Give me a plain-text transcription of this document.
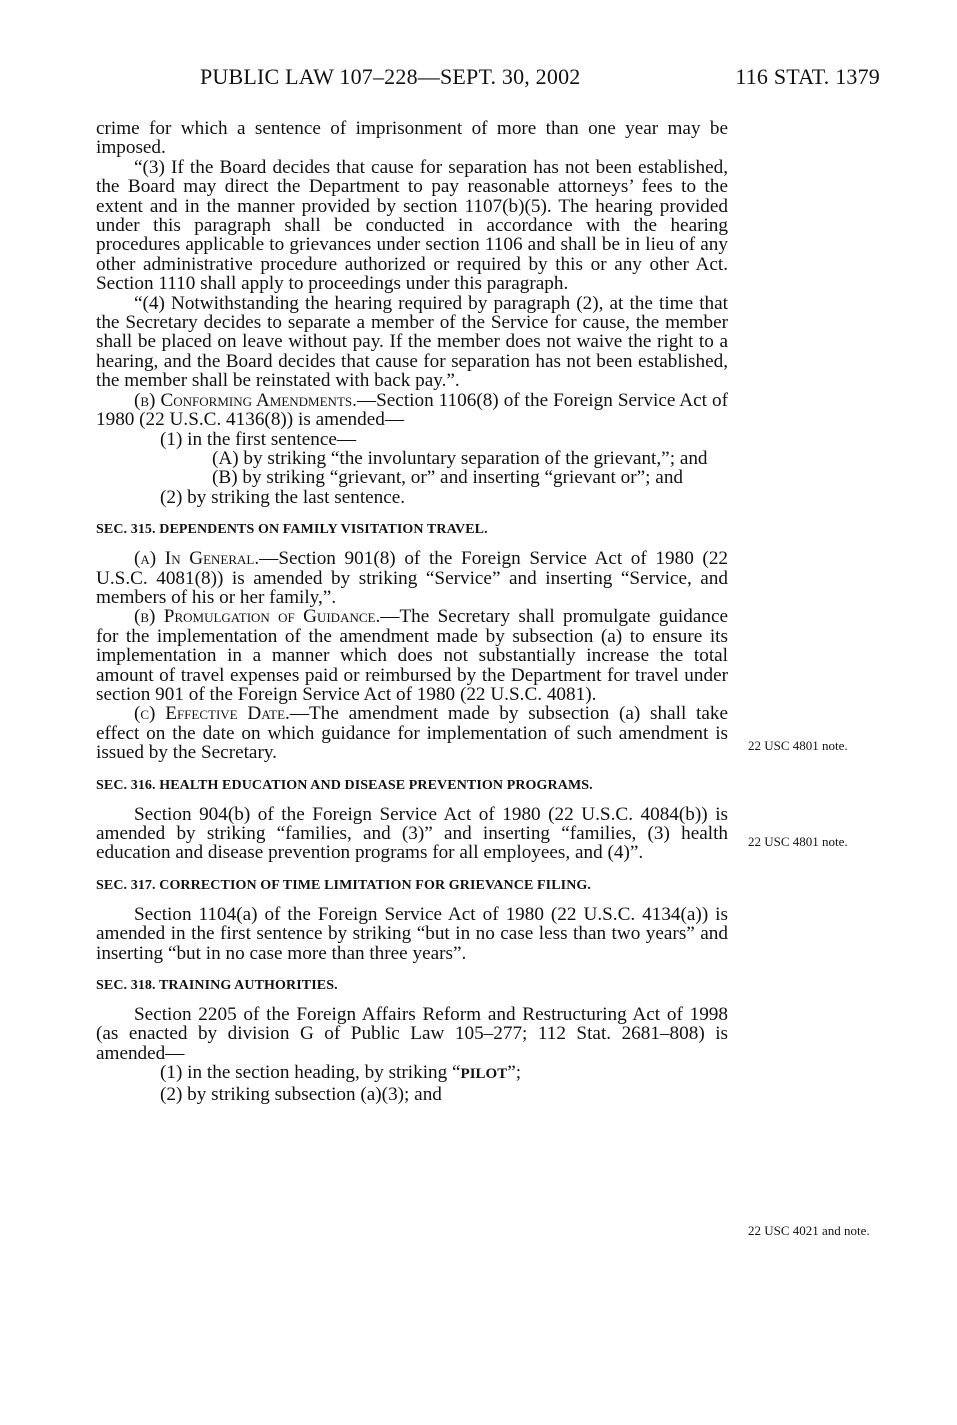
PUBLIC LAW 107–228—SEPT. 30, 2002	116 STAT. 1379

crime for which a sentence of imprisonment of more than one year may be imposed.

“(3) If the Board decides that cause for separation has not been established, the Board may direct the Department to pay reasonable attorneys’ fees to the extent and in the manner provided by section 1107(b)(5). The hearing provided under this paragraph shall be conducted in accordance with the hearing procedures applicable to grievances under section 1106 and shall be in lieu of any other administrative procedure authorized or required by this or any other Act. Section 1110 shall apply to proceedings under this paragraph.

“(4) Notwithstanding the hearing required by paragraph (2), at the time that the Secretary decides to separate a member of the Service for cause, the member shall be placed on leave without pay. If the member does not waive the right to a hearing, and the Board decides that cause for separation has not been established, the member shall be reinstated with back pay.”.

(b) Conforming Amendments.—Section 1106(8) of the Foreign Service Act of 1980 (22 U.S.C. 4136(8)) is amended—

(1) in the first sentence—

(A) by striking “the involuntary separation of the grievant,”; and

(B) by striking “grievant, or” and inserting “grievant or”; and

(2) by striking the last sentence.

SEC. 315. DEPENDENTS ON FAMILY VISITATION TRAVEL.

(a) In General.—Section 901(8) of the Foreign Service Act of 1980 (22 U.S.C. 4081(8)) is amended by striking “Service” and inserting “Service, and members of his or her family,”.

(b) Promulgation of Guidance.—The Secretary shall promulgate guidance for the implementation of the amendment made by subsection (a) to ensure its implementation in a manner which does not substantially increase the total amount of travel expenses paid or reimbursed by the Department for travel under section 901 of the Foreign Service Act of 1980 (22 U.S.C. 4081).

(c) Effective Date.—The amendment made by subsection (a) shall take effect on the date on which guidance for implementation of such amendment is issued by the Secretary.

SEC. 316. HEALTH EDUCATION AND DISEASE PREVENTION PROGRAMS.

Section 904(b) of the Foreign Service Act of 1980 (22 U.S.C. 4084(b)) is amended by striking “families, and (3)” and inserting “families, (3) health education and disease prevention programs for all employees, and (4)”.

SEC. 317. CORRECTION OF TIME LIMITATION FOR GRIEVANCE FILING.

Section 1104(a) of the Foreign Service Act of 1980 (22 U.S.C. 4134(a)) is amended in the first sentence by striking “but in no case less than two years” and inserting “but in no case more than three years”.

SEC. 318. TRAINING AUTHORITIES.

Section 2205 of the Foreign Affairs Reform and Restructuring Act of 1998 (as enacted by division G of Public Law 105–277; 112 Stat. 2681–808) is amended—

(1) in the section heading, by striking “PILOT”;

(2) by striking subsection (a)(3); and

22 USC 4801 note.
22 USC 4801 note.
22 USC 4021 and note.
